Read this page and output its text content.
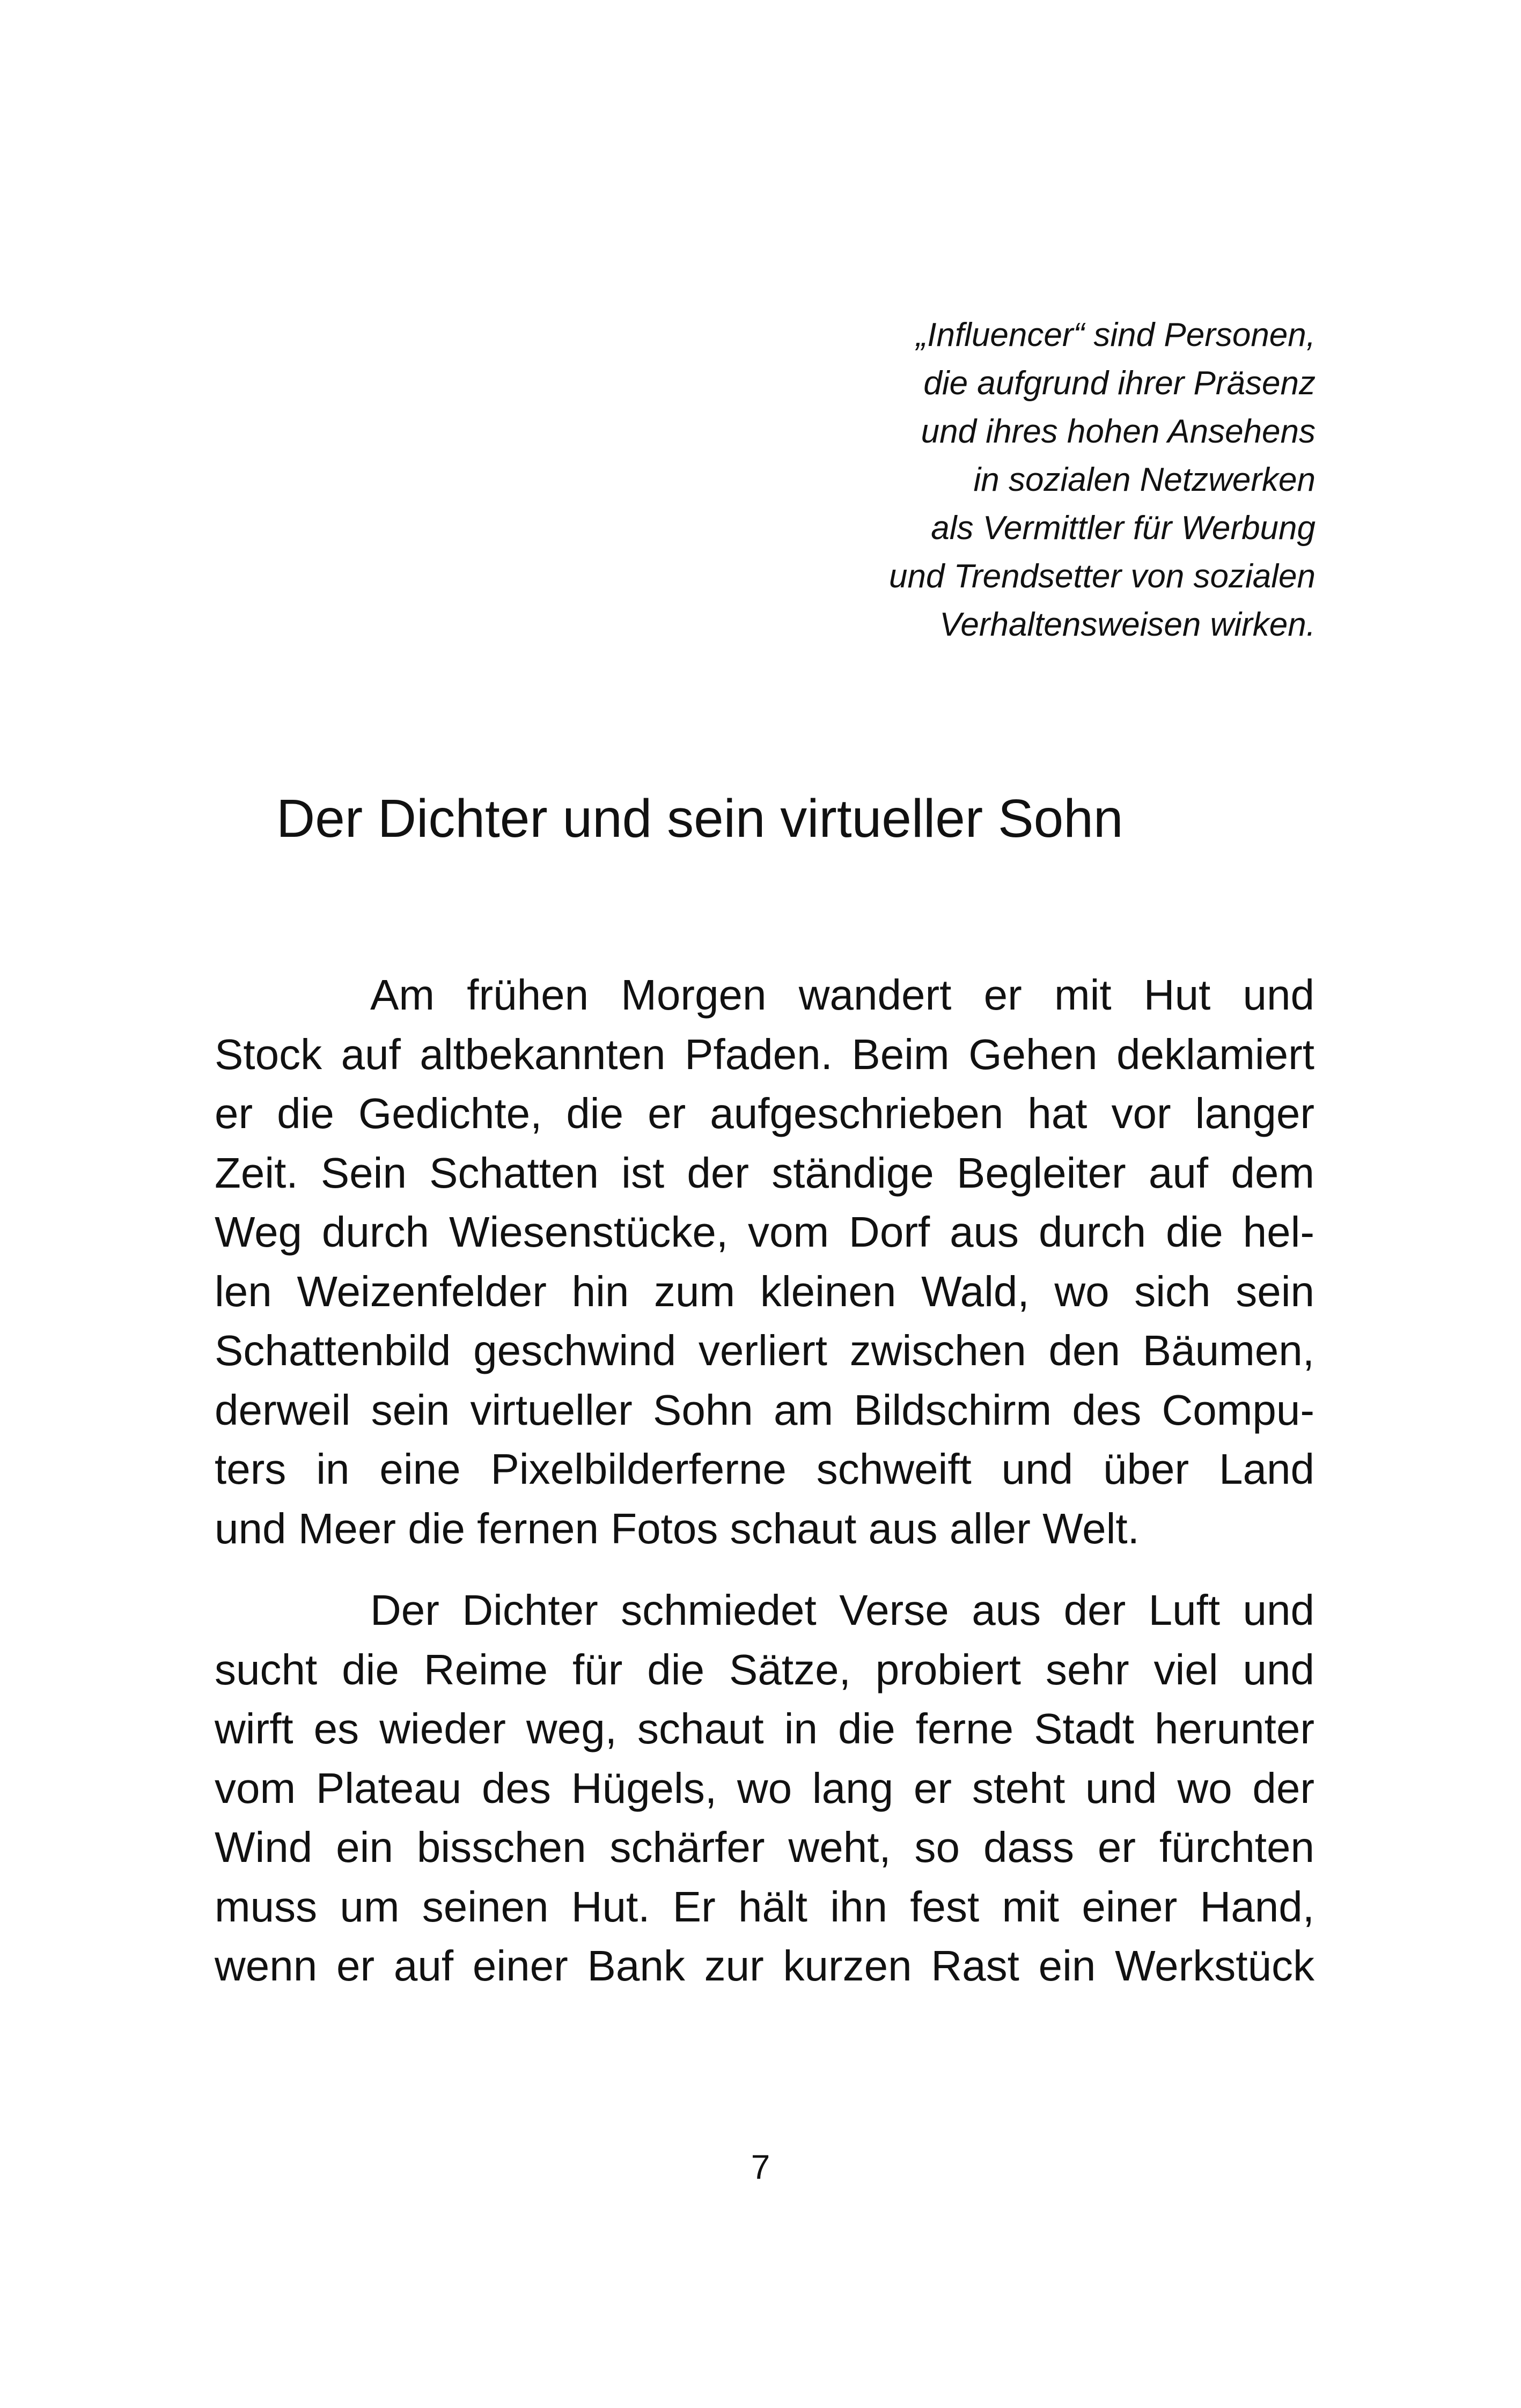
„Influencer“ sind Personen,
die aufgrund ihrer Präsenz
und ihres hohen Ansehens
in sozialen Netzwerken
als Vermittler für Werbung
und Trendsetter von sozialen
Verhaltensweisen wirken.
Der Dichter und sein virtueller Sohn

Am frühen Morgen wandert er mit Hut und
Stock auf altbekannten Pfaden. Beim Gehen deklamiert
er die Gedichte, die er aufgeschrieben hat vor langer
Zeit. Sein Schatten ist der ständige Begleiter auf dem
Weg durch Wiesenstücke, vom Dorf aus durch die hel-
len Weizenfelder hin zum kleinen Wald, wo sich sein
Schattenbild geschwind verliert zwischen den Bäumen,
derweil sein virtueller Sohn am Bildschirm des Compu-
ters in eine Pixelbilderferne schweift und über Land
und Meer die fernen Fotos schaut aus aller Welt.

Der Dichter schmiedet Verse aus der Luft und
sucht die Reime für die Sätze, probiert sehr viel und
wirft es wieder weg, schaut in die ferne Stadt herunter
vom Plateau des Hügels, wo lang er steht und wo der
Wind ein bisschen schärfer weht, so dass er fürchten
muss um seinen Hut. Er hält ihn fest mit einer Hand,
wenn er auf einer Bank zur kurzen Rast ein Werkstück

7
